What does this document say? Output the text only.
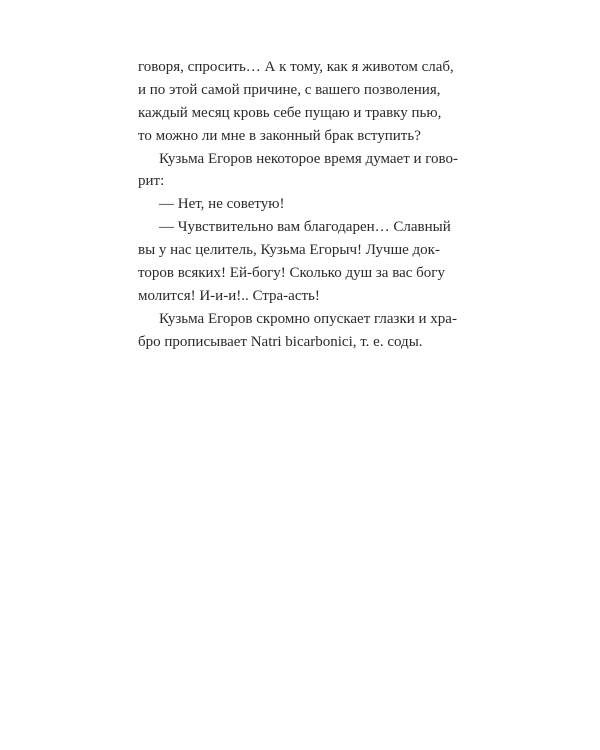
говоря, спросить… А к тому, как я животом слаб,
и по этой самой причине, с вашего позволения,
каждый месяц кровь себе пущаю и травку пью,
то можно ли мне в законный брак вступить?
Кузьма Егоров некоторое время думает и гово-
рит:
— Нет, не советую!
— Чувствительно вам благодарен… Славный
вы у нас целитель, Кузьма Егорыч! Лучше док-
торов всяких! Ей-богу! Сколько душ за вас богу
молится! И-и-и!.. Стра-асть!
Кузьма Егоров скромно опускает глазки и хра-
бро прописывает Natri bicarbonici, т. е. соды.
